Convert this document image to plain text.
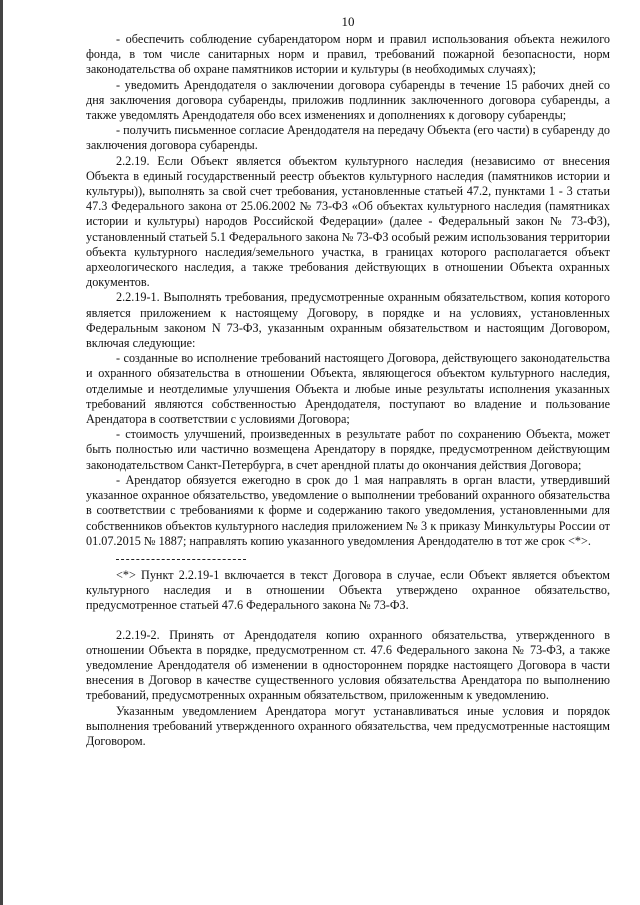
10

- обеспечить соблюдение субарендатором норм и правил использования объекта нежилого фонда, в том числе санитарных норм и правил, требований пожарной безопасности, норм законодательства об охране памятников истории и культуры (в необходимых случаях);

- уведомить Арендодателя о заключении договора субаренды в течение 15 рабочих дней со дня заключения договора субаренды, приложив подлинник заключенного договора субаренды, а также уведомлять Арендодателя обо всех изменениях и дополнениях к договору субаренды;

- получить письменное согласие Арендодателя на передачу Объекта (его части) в субаренду до заключения договора субаренды.

2.2.19. Если Объект является объектом культурного наследия (независимо от внесения Объекта в единый государственный реестр объектов культурного наследия (памятников истории и культуры)), выполнять за свой счет требования, установленные статьей 47.2, пунктами 1 - 3 статьи 47.3 Федерального закона от 25.06.2002 № 73-ФЗ «Об объектах культурного наследия (памятниках истории и культуры) народов Российской Федерации» (далее - Федеральный закон № 73-ФЗ), установленный статьей 5.1 Федерального закона № 73-ФЗ особый режим использования территории объекта культурного наследия/земельного участка, в границах которого располагается объект археологического наследия, а также требования действующих в отношении Объекта охранных документов.

2.2.19-1. Выполнять требования, предусмотренные охранным обязательством, копия которого является приложением к настоящему Договору, в порядке и на условиях, установленных Федеральным законом N 73-ФЗ, указанным охранным обязательством и настоящим Договором, включая следующие:

- созданные во исполнение требований настоящего Договора, действующего законодательства и охранного обязательства в отношении Объекта, являющегося объектом культурного наследия, отделимые и неотделимые улучшения Объекта и любые иные результаты исполнения указанных требований являются собственностью Арендодателя, поступают во владение и пользование Арендатора в соответствии с условиями Договора;

- стоимость улучшений, произведенных в результате работ по сохранению Объекта, может быть полностью или частично возмещена Арендатору в порядке, предусмотренном действующим законодательством Санкт-Петербурга, в счет арендной платы до окончания действия Договора;

- Арендатор обязуется ежегодно в срок до 1 мая направлять в орган власти, утвердивший указанное охранное обязательство, уведомление о выполнении требований охранного обязательства в соответствии с требованиями к форме и содержанию такого уведомления, установленными для собственников объектов культурного наследия приложением № 3 к приказу Минкультуры России от 01.07.2015 № 1887; направлять копию указанного уведомления Арендодателю в тот же срок <*>.

<*> Пункт 2.2.19-1 включается в текст Договора в случае, если Объект является объектом культурного наследия и в отношении Объекта утверждено охранное обязательство, предусмотренное статьей 47.6 Федерального закона № 73-ФЗ.

2.2.19-2. Принять от Арендодателя копию охранного обязательства, утвержденного в отношении Объекта в порядке, предусмотренном ст. 47.6 Федерального закона № 73-ФЗ, а также уведомление Арендодателя об изменении в одностороннем порядке настоящего Договора в части внесения в Договор в качестве существенного условия обязательства Арендатора по выполнению требований, предусмотренных охранным обязательством, приложенным к уведомлению.

Указанным уведомлением Арендатора могут устанавливаться иные условия и порядок выполнения требований утвержденного охранного обязательства, чем предусмотренные настоящим Договором.
